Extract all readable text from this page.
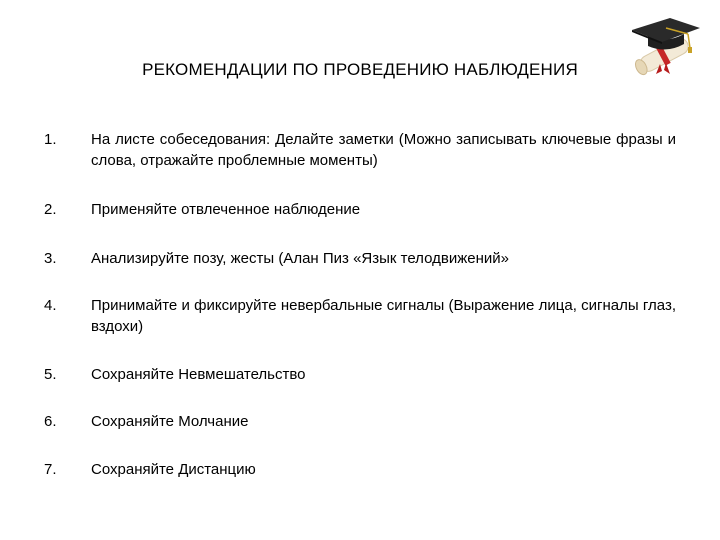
РЕКОМЕНДАЦИИ ПО ПРОВЕДЕНИЮ НАБЛЮДЕНИЯ
1.	На листе собеседования: Делайте заметки (Можно записывать ключевые фразы и слова, отражайте проблемные моменты)
2.	Применяйте отвлеченное наблюдение
3.	Анализируйте позу, жесты (Алан Пиз «Язык телодвижений»
4.	Принимайте и фиксируйте невербальные сигналы (Выражение лица, сигналы глаз, вздохи)
5.	Сохраняйте Невмешательство
6.	Сохраняйте Молчание
7.	Сохраняйте Дистанцию
